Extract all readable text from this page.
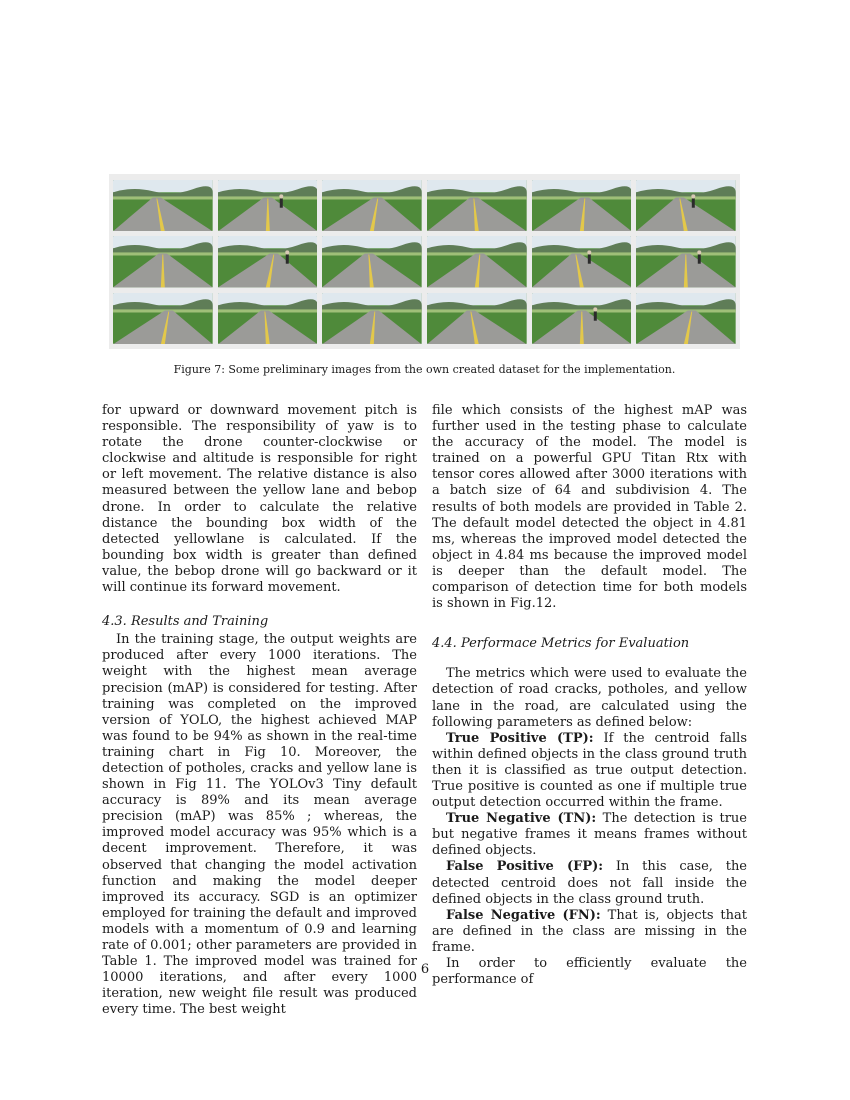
Figure 7: Some preliminary images from the own created dataset for the implementation.

for upward or downward movement pitch is responsible. The responsibility of yaw is to rotate the drone counter-clockwise or clockwise and altitude is responsible for right or left movement. The relative distance is also measured between the yellow lane and bebop drone. In order to calculate the relative distance the bounding box width of the detected yellowlane is calculated. If the bounding box width is greater than defined value, the bebop drone will go backward or it will continue its forward movement.

4.3. Results and Training

In the training stage, the output weights are produced after every 1000 iterations. The weight with the highest mean average precision (mAP) is considered for testing. After training was completed on the improved version of YOLO, the highest achieved MAP was found to be 94% as shown in the real-time training chart in Fig 10. Moreover, the detection of potholes, cracks and yellow lane is shown in Fig 11. The YOLOv3 Tiny default accuracy is 89% and its mean average precision (mAP) was 85% ; whereas, the improved model accuracy was 95% which is a decent improvement. Therefore, it was observed that changing the model activation function and making the model deeper improved its accuracy. SGD is an optimizer employed for training the default and improved models with a momentum of 0.9 and learning rate of 0.001; other parameters are provided in Table 1. The improved model was trained for 10000 iterations, and after every 1000 iteration, new weight file result was produced every time. The best weight

file which consists of the highest mAP was further used in the testing phase to calculate the accuracy of the model. The model is trained on a powerful GPU Titan Rtx with tensor cores allowed after 3000 iterations with a batch size of 64 and subdivision 4. The results of both models are provided in Table 2. The default model detected the object in 4.81 ms, whereas the improved model detected the object in 4.84 ms because the improved model is deeper than the default model. The comparison of detection time for both models is shown in Fig.12.

4.4. Performace Metrics for Evaluation

The metrics which were used to evaluate the detection of road cracks, potholes, and yellow lane in the road, are calculated using the following parameters as defined below:

True Positive (TP): If the centroid falls within defined objects in the class ground truth then it is classified as true output detection. True positive is counted as one if multiple true output detection occurred within the frame.

True Negative (TN): The detection is true but negative frames it means frames without defined objects.

False Positive (FP): In this case, the detected centroid does not fall inside the defined objects in the class ground truth.

False Negative (FN): That is, objects that are defined in the class are missing in the frame.

In order to efficiently evaluate the performance of

6
